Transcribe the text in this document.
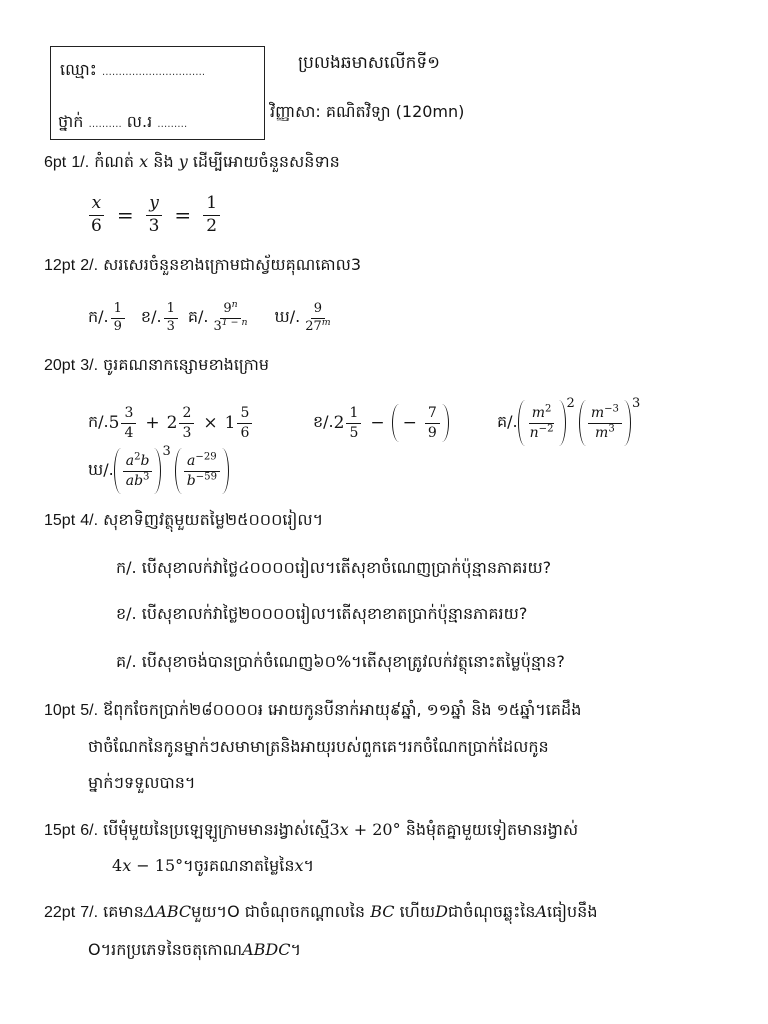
ឈ្មោះ ………………………….
ថ្នាក់ ………. ល.រ ………
ប្រលងឆមាសលើកទី១
វិញ្ញាសា: គណិតវិទ្យា (120mn)
6pt 1/. កំណត់ x និង y ដើម្បីអោយចំនួនសនិទាន
$\frac{x}{6} = \frac{y}{3} = \frac{1}{2}$
12pt 2/. សរសេរចំនួនខាងក្រោមជាស្វ័យគុណគោល3
ក/. $\frac{1}{9}$ ខ/. $\frac{1}{3}$ គ/. $\frac{9^n}{3^{1 - n}}$ ឃ/. $\frac{9}{27^m}$
20pt 3/. ចូរគណនាកន្សោមខាងក្រោម
ក/. $5 \frac{3}{4} + 2 \frac{2}{3} \times 1 \frac{5}{6}$	ខ/. $2 \frac{1}{5}$ − − $\frac{7}{9}$	គ/. $\frac{m^2}{n^{-2}}$
2
$\frac{m^{-3}}{m^3}$
3
ឃ/. $\frac{a^2b}{ab^3}$
3
$\frac{a^{-29}}{b^{-59}}$
15pt 4/. សុខាទិញវត្ថុមួយតម្លៃ២៥០០០រៀល។
ក/. បើសុខាលក់វាថ្លៃ៤០០០០រៀល។តើសុខាចំណេញប្រាក់ប៉ុន្មានភាគរយ?
ខ/. បើសុខាលក់វាថ្លៃ២០០០០រៀល។តើសុខាខាតប្រាក់ប៉ុន្មានភាគរយ?
គ/. បើសុខាចង់បានប្រាក់ចំណេញ៦០%។តើសុខាត្រូវលក់វត្ថុនោះតម្លៃប៉ុន្មាន?
10pt 5/. ឪពុកចែកប្រាក់២៨០០០០៛ អោយកូនបីនាក់អាយុ៩ឆ្នាំ, ១១ឆ្នាំ និង ១៥ឆ្នាំ។គេដឹង
ថាចំណែកនៃកូនម្នាក់ៗសមាមាត្រនិងអាយុរបស់ពួកគេ។រកចំណែកប្រាក់ដែលកូន
ម្នាក់ៗទទួលបាន។
15pt 6/. បើមុំមួយនៃប្រឡេឡូក្រាមមានរង្វាស់ស្មើ3x + 20° និងមុំតគ្នាមួយទៀតមានរង្វាស់
4x − 15°។ចូរគណនាតម្លៃនៃx។
22pt 7/. គេមានΔABCមួយ។O ជាចំណុចកណ្តាលនៃ BC ហើយDជាចំណុចឆ្លុះនៃAធៀបនឹង
O។រកប្រភេទនៃចតុកោណABDC។
